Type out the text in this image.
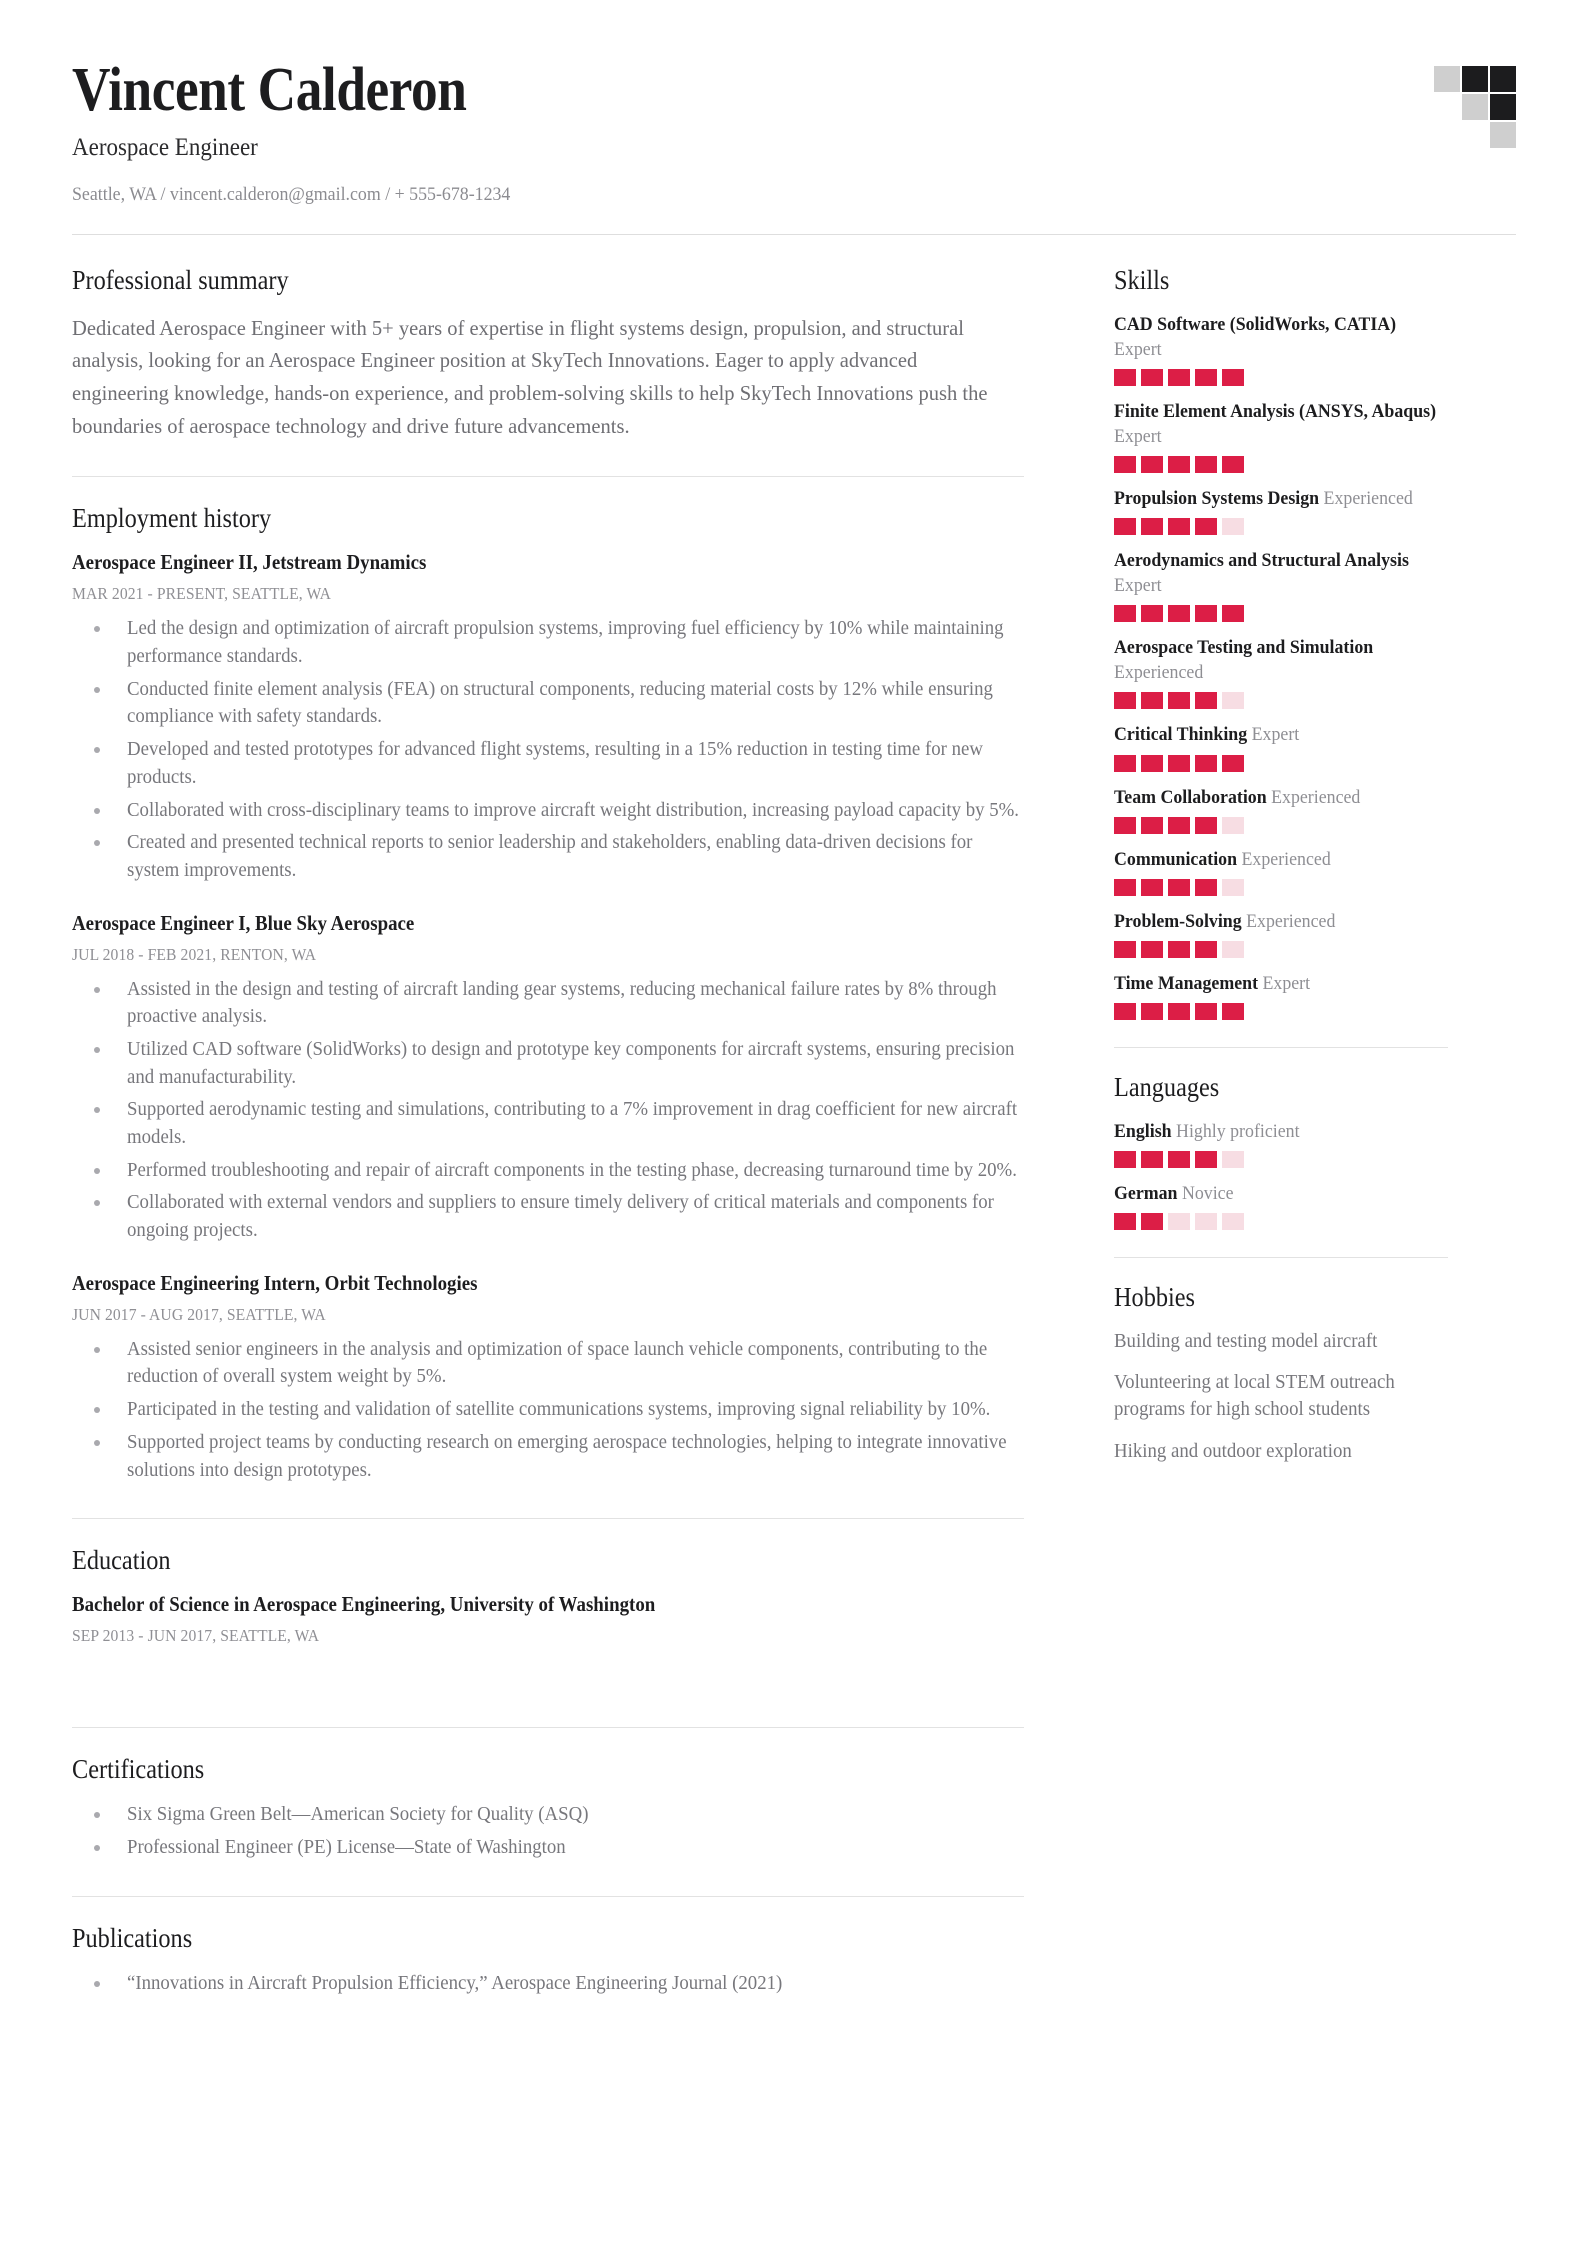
Vincent Calderon
Aerospace Engineer
Seattle, WA / vincent.calderon@gmail.com / + 555-678-1234
Professional summary
Dedicated Aerospace Engineer with 5+ years of expertise in flight systems design, propulsion, and structural analysis, looking for an Aerospace Engineer position at SkyTech Innovations. Eager to apply advanced engineering knowledge, hands-on experience, and problem-solving skills to help SkyTech Innovations push the boundaries of aerospace technology and drive future advancements.
Employment history
Aerospace Engineer II, Jetstream Dynamics
MAR 2021 - PRESENT, SEATTLE, WA
Led the design and optimization of aircraft propulsion systems, improving fuel efficiency by 10% while maintaining performance standards.
Conducted finite element analysis (FEA) on structural components, reducing material costs by 12% while ensuring compliance with safety standards.
Developed and tested prototypes for advanced flight systems, resulting in a 15% reduction in testing time for new products.
Collaborated with cross-disciplinary teams to improve aircraft weight distribution, increasing payload capacity by 5%.
Created and presented technical reports to senior leadership and stakeholders, enabling data-driven decisions for system improvements.
Aerospace Engineer I, Blue Sky Aerospace
JUL 2018 - FEB 2021, RENTON, WA
Assisted in the design and testing of aircraft landing gear systems, reducing mechanical failure rates by 8% through proactive analysis.
Utilized CAD software (SolidWorks) to design and prototype key components for aircraft systems, ensuring precision and manufacturability.
Supported aerodynamic testing and simulations, contributing to a 7% improvement in drag coefficient for new aircraft models.
Performed troubleshooting and repair of aircraft components in the testing phase, decreasing turnaround time by 20%.
Collaborated with external vendors and suppliers to ensure timely delivery of critical materials and components for ongoing projects.
Aerospace Engineering Intern, Orbit Technologies
JUN 2017 - AUG 2017, SEATTLE, WA
Assisted senior engineers in the analysis and optimization of space launch vehicle components, contributing to the reduction of overall system weight by 5%.
Participated in the testing and validation of satellite communications systems, improving signal reliability by 10%.
Supported project teams by conducting research on emerging aerospace technologies, helping to integrate innovative solutions into design prototypes.
Education
Bachelor of Science in Aerospace Engineering, University of Washington
SEP 2013 - JUN 2017, SEATTLE, WA
Certifications
Six Sigma Green Belt—American Society for Quality (ASQ)
Professional Engineer (PE) License—State of Washington
Publications
“Innovations in Aircraft Propulsion Efficiency,” Aerospace Engineering Journal (2021)
Skills
CAD Software (SolidWorks, CATIA) Expert
Finite Element Analysis (ANSYS, Abaqus) Expert
Propulsion Systems Design Experienced
Aerodynamics and Structural Analysis Expert
Aerospace Testing and Simulation Experienced
Critical Thinking Expert
Team Collaboration Experienced
Communication Experienced
Problem-Solving Experienced
Time Management Expert
Languages
English Highly proficient
German Novice
Hobbies
Building and testing model aircraft
Volunteering at local STEM outreach programs for high school students
Hiking and outdoor exploration
